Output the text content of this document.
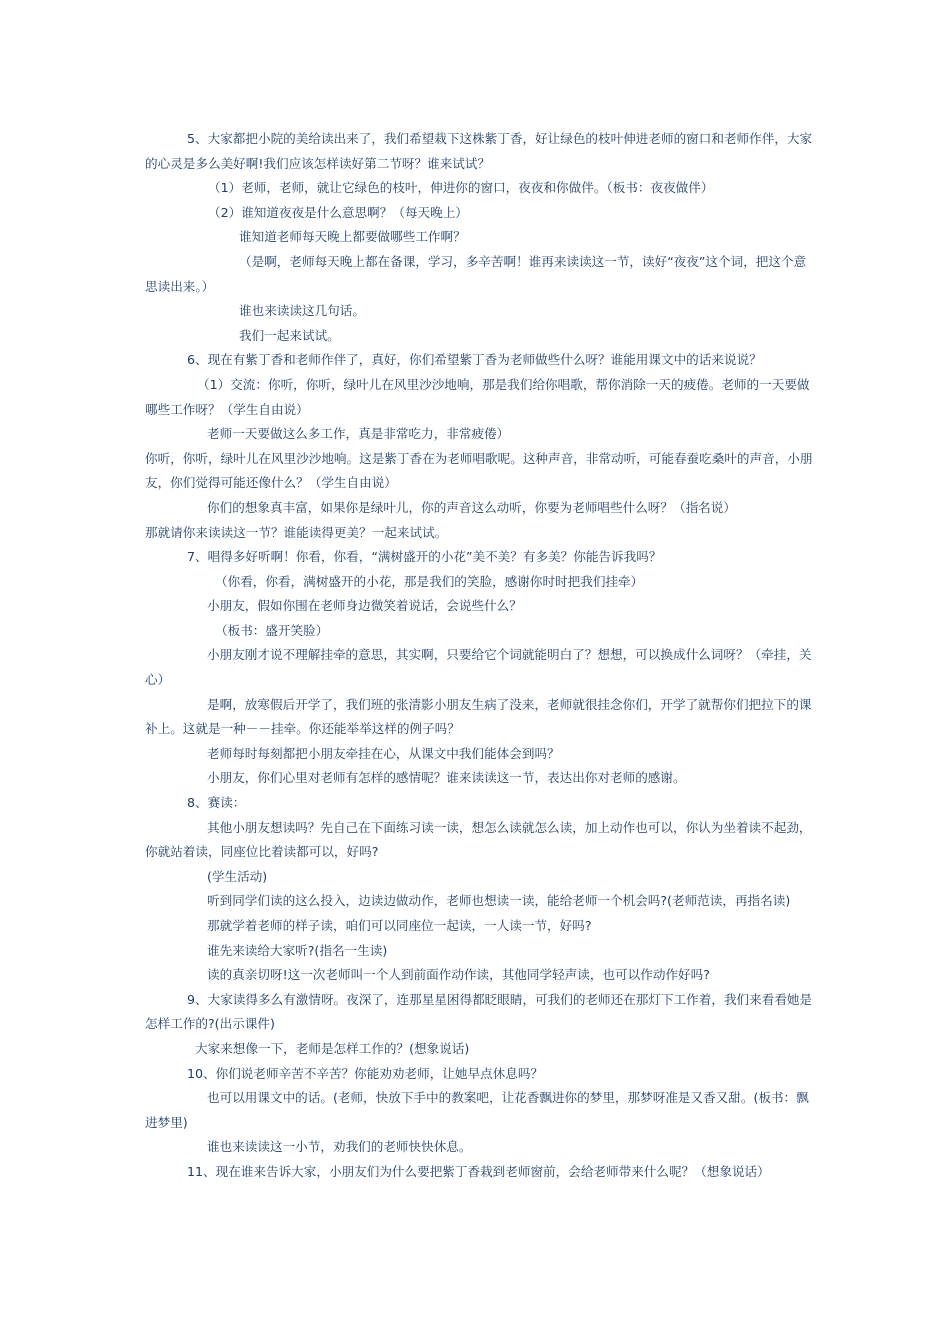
5、大家都把小院的美给读出来了，我们希望栽下这株紫丁香，好让绿色的枝叶伸进老师的窗口和老师作伴，大家的心灵是多么美好啊!我们应该怎样读好第二节呀？谁来试试？

（1）老师，老师，就让它绿色的枝叶，伸进你的窗口，夜夜和你做伴。（板书：夜夜做伴）

（2）谁知道夜夜是什么意思啊？（每天晚上）

谁知道老师每天晚上都要做哪些工作啊？

（是啊，老师每天晚上都在备课，学习，多辛苦啊！谁再来读读这一节，读好“夜夜”这个词，把这个意思读出来。）

谁也来读读这几句话。

我们一起来试试。

6、现在有紫丁香和老师作伴了，真好，你们希望紫丁香为老师做些什么呀？谁能用课文中的话来说说？

（1）交流：你听，你听，绿叶儿在风里沙沙地响，那是我们给你唱歌，帮你消除一天的疲倦。老师的一天要做哪些工作呀？（学生自由说）

老师一天要做这么多工作，真是非常吃力，非常疲倦）

你听，你听，绿叶儿在风里沙沙地响。这是紫丁香在为老师唱歌呢。这种声音，非常动听，可能春蚕吃桑叶的声音，小朋友，你们觉得可能还像什么？（学生自由说）

你们的想象真丰富，如果你是绿叶儿，你的声音这么动听，你要为老师唱些什么呀？（指名说）

那就请你来读读这一节？谁能读得更美？一起来试试。

7、唱得多好听啊！你看，你看，“满树盛开的小花”美不美？有多美？你能告诉我吗？

（你看，你看，满树盛开的小花，那是我们的笑脸，感谢你时时把我们挂牵）

小朋友，假如你围在老师身边微笑着说话，会说些什么？

（板书：盛开笑脸）

小朋友刚才说不理解挂牵的意思，其实啊，只要给它个词就能明白了？想想，可以换成什么词呀？（牵挂，关心）

是啊，放寒假后开学了，我们班的张清影小朋友生病了没来，老师就很挂念你们，开学了就帮你们把拉下的课补上。这就是一种－－挂牵。你还能举举这样的例子吗？

老师每时每刻都把小朋友牵挂在心，从课文中我们能体会到吗？

小朋友，你们心里对老师有怎样的感情呢？谁来读读这一节，表达出你对老师的感谢。

8、赛读：

其他小朋友想读吗？先自己在下面练习读一读，想怎么读就怎么读，加上动作也可以，你认为坐着读不起劲，你就站着读，同座位比着读都可以，好吗?

(学生活动)

听到同学们读的这么投入，边读边做动作，老师也想读一读，能给老师一个机会吗?(老师范读，再指名读)

那就学着老师的样子读，咱们可以同座位一起读，一人读一节，好吗?

谁先来读给大家听?(指名一生读)

读的真亲切呀!这一次老师叫一个人到前面作动作读，其他同学轻声读，也可以作动作好吗?

9、大家读得多么有激情呀。夜深了，连那星星困得都眨眼睛，可我们的老师还在那灯下工作着，我们来看看她是怎样工作的?(出示课件)

大家来想像一下，老师是怎样工作的？(想象说话)

10、你们说老师辛苦不辛苦？你能劝劝老师，让她早点休息吗？

也可以用课文中的话。(老师，快放下手中的教案吧，让花香飘进你的梦里，那梦呀准是又香又甜。(板书：飘进梦里)

谁也来读读这一小节，劝我们的老师快快休息。

11、现在谁来告诉大家，小朋友们为什么要把紫丁香栽到老师窗前，会给老师带来什么呢？（想象说话）
